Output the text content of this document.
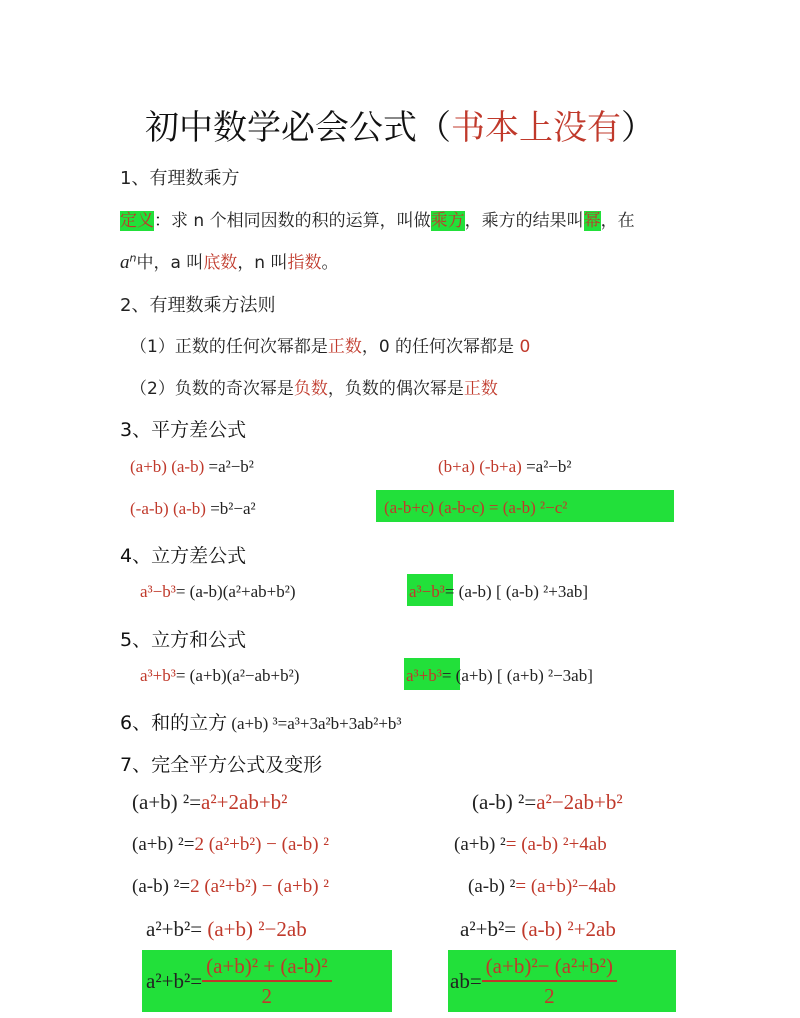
初中数学必会公式（书本上没有）
1、有理数乘方
定义：求 n 个相同因数的积的运算，叫做乘方，乘方的结果叫幂，在
$a^n$中，a 叫底数，n 叫指数。
2、有理数乘方法则
（1）正数的任何次幂都是正数，0 的任何次幂都是 0
（2）负数的奇次幂是负数，负数的偶次幂是正数
3、平方差公式
(a+b) (a-b) =a²−b²	(b+a) (-b+a) =a²−b²
(-a-b) (a-b) =b²−a²	(a-b+c) (a-b-c) = (a-b) ²−c²
4、立方差公式
a³−b³= (a-b)(a²+ab+b²)	a³−b³= (a-b) [ (a-b) ²+3ab]
5、立方和公式
a³+b³= (a+b)(a²−ab+b²)	a³+b³= (a+b) [ (a+b) ²−3ab]
6、和的立方 (a+b) ³=a³+3a²b+3ab²+b³
7、完全平方公式及变形
(a+b) ²=a²+2ab+b²	(a-b) ²=a²−2ab+b²
(a+b) ²=2 (a²+b²) − (a-b) ²	(a+b) ²= (a-b) ²+4ab
(a-b) ²=2 (a²+b²) − (a+b) ²	(a-b) ²= (a+b)²−4ab
a²+b²= (a+b) ²−2ab	a²+b²= (a-b) ²+2ab
$a^2+b^2= \frac{\text{(a+b)² + (a-b)²}}{2}$	$ab= \frac{\text{(a+b)²− (a²+b²)}}{2}$
